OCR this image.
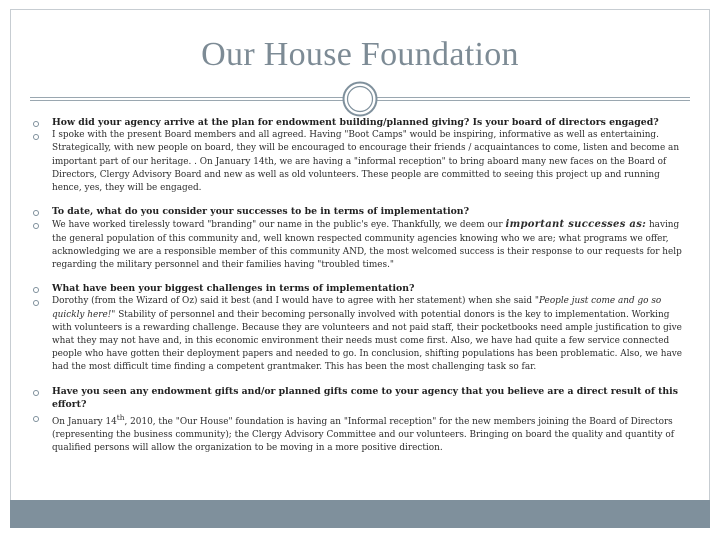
Our House Foundation
How did your agency arrive at the plan for endowment building/planned giving? Is your board of directors engaged?
I spoke with the present Board members and all agreed. Having "Boot Camps" would be inspiring, informative as well as entertaining. Strategically, with new people on board, they will be encouraged to encourage their friends / acquaintances to come, listen and become an important part of our heritage. . On January 14th, we are having a "informal reception" to bring aboard many new faces on the Board of Directors, Clergy Advisory Board and new as well as old volunteers. These people are committed to seeing this project up and running hence, yes, they will be engaged.
To date, what do you consider your successes to be in terms of implementation?
We have worked tirelessly toward "branding" our name in the public's eye. Thankfully, we deem our important successes as: having the general population of this community and, well known respected community agencies knowing who we are; what programs we offer, acknowledging we are a responsible member of this community AND, the most welcomed success is their response to our requests for help regarding the military personnel and their families having "troubled times."
What have been your biggest challenges in terms of implementation?
Dorothy (from the Wizard of Oz) said it best (and I would have to agree with her statement) when she said "People just come and go so quickly here!" Stability of personnel and their becoming personally involved with potential donors is the key to implementation. Working with volunteers is a rewarding challenge. Because they are volunteers and not paid staff, their pocketbooks need ample justification to give what they may not have and, in this economic environment their needs must come first. Also, we have had quite a few service connected people who have gotten their deployment papers and needed to go. In conclusion, shifting populations has been problematic. Also, we have had the most difficult time finding a competent grantmaker. This has been the most challenging task so far.
Have you seen any endowment gifts and/or planned gifts come to your agency that you believe are a direct result of this effort?
On January 14th, 2010, the "Our House" foundation is having an "Informal reception" for the new members joining the Board of Directors (representing the business community); the Clergy Advisory Committee and our volunteers. Bringing on board the quality and quantity of qualified persons will allow the organization to be moving in a more positive direction.
